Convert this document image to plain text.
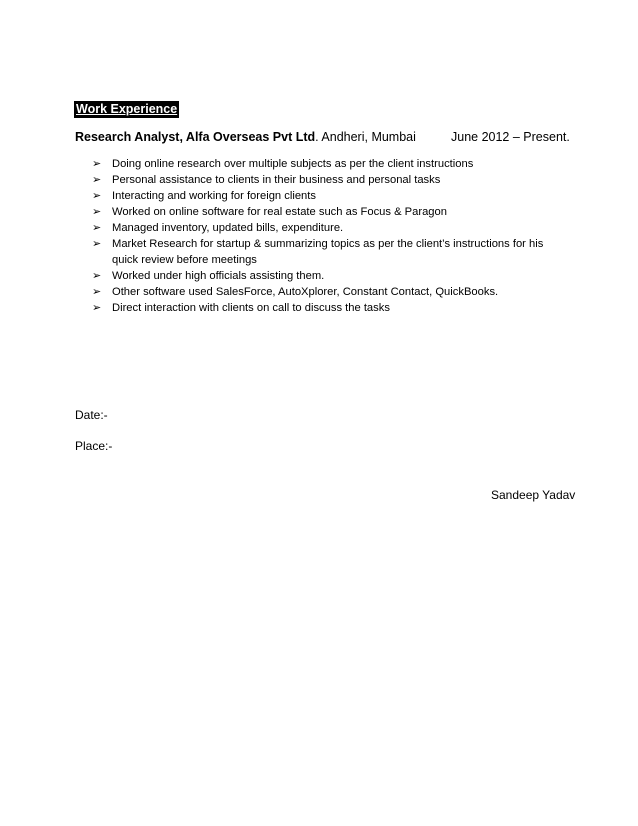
Work Experience
Research Analyst, Alfa Overseas Pvt Ltd. Andheri, Mumbai	June 2012 – Present.
➢ Doing online research over multiple subjects as per the client instructions
➢ Personal assistance to clients in their business and personal tasks
➢ Interacting and working for foreign clients
➢ Worked on online software for real estate such as Focus & Paragon
➢ Managed inventory, updated bills, expenditure.
➢ Market Research for startup & summarizing topics as per the client’s instructions for his quick review before meetings
➢ Worked under high officials assisting them.
➢ Other software used SalesForce, AutoXplorer, Constant Contact, QuickBooks.
➢ Direct interaction with clients on call to discuss the tasks
Date:-
Place:-
Sandeep Yadav
